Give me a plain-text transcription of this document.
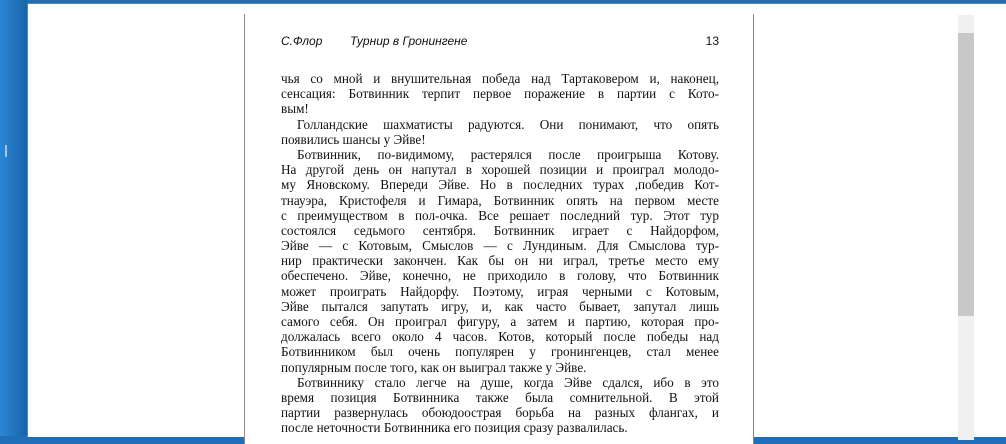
С.Флор Турнир в Гронингене	13
чья со мной и внушительная победа над Тартаковером и, наконец,
сенсация: Ботвинник терпит первое поражение в партии с Кото-
вым!
Голландские шахматисты радуются. Они понимают, что опять
появились шансы у Эйве!
Ботвинник, по-видимому, растерялся после проигрыша Котову.
На другой день он напутал в хорошей позиции и проиграл молодо-
му Яновскому. Впереди Эйве. Но в последних турах ,победив Кот-
тнауэра, Кристофеля и Гимара, Ботвинник опять на первом месте
с преимуществом в пол-очка. Все решает последний тур. Этот тур
состоялся седьмого сентября. Ботвинник играет с Найдорфом,
Эйве — с Котовым, Смыслов — с Лундиным. Для Смыслова тур-
нир практически закончен. Как бы он ни играл, третье место ему
обеспечено. Эйве, конечно, не приходило в голову, что Ботвинник
может проиграть Найдорфу. Поэтому, играя черными с Котовым,
Эйве пытался запутать игру, и, как часто бывает, запутал лишь
самого себя. Он проиграл фигуру, а затем и партию, которая про-
должалась всего около 4 часов. Котов, который после победы над
Ботвинником был очень популярен у гронингенцев, стал менее
популярным после того, как он выиграл также у Эйве.
Ботвиннику стало легче на душе, когда Эйве сдался, ибо в это
время позиция Ботвинника также была сомнительной. В этой
партии развернулась обоюдоострая борьба на разных флангах, и
после неточности Ботвинника его позиция сразу развалилась.
